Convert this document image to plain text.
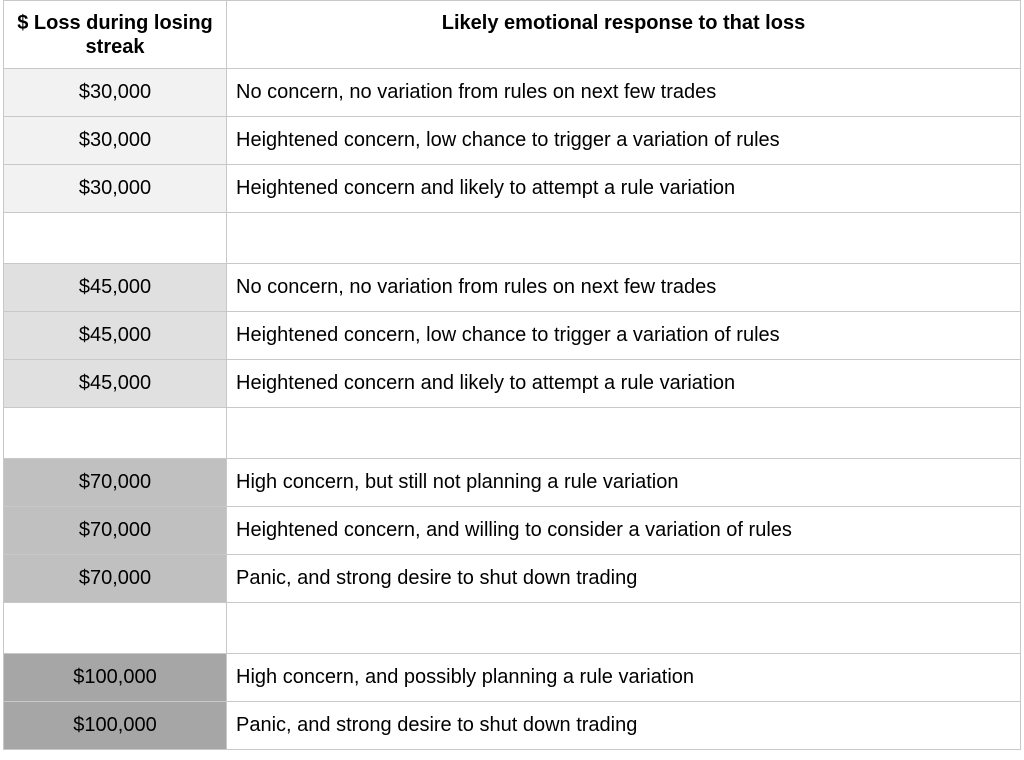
$ Loss during losing streak	Likely emotional response to that loss
$30,000	No concern, no variation from rules on next few trades
$30,000	Heightened concern, low chance to trigger a variation of rules
$30,000	Heightened concern and likely to attempt a rule variation

$45,000	No concern, no variation from rules on next few trades
$45,000	Heightened concern, low chance to trigger a variation of rules
$45,000	Heightened concern and likely to attempt a rule variation

$70,000	High concern, but still not planning a rule variation
$70,000	Heightened concern, and willing to consider a variation of rules
$70,000	Panic, and strong desire to shut down trading

$100,000	High concern, and possibly planning a rule variation
$100,000	Panic, and strong desire to shut down trading
